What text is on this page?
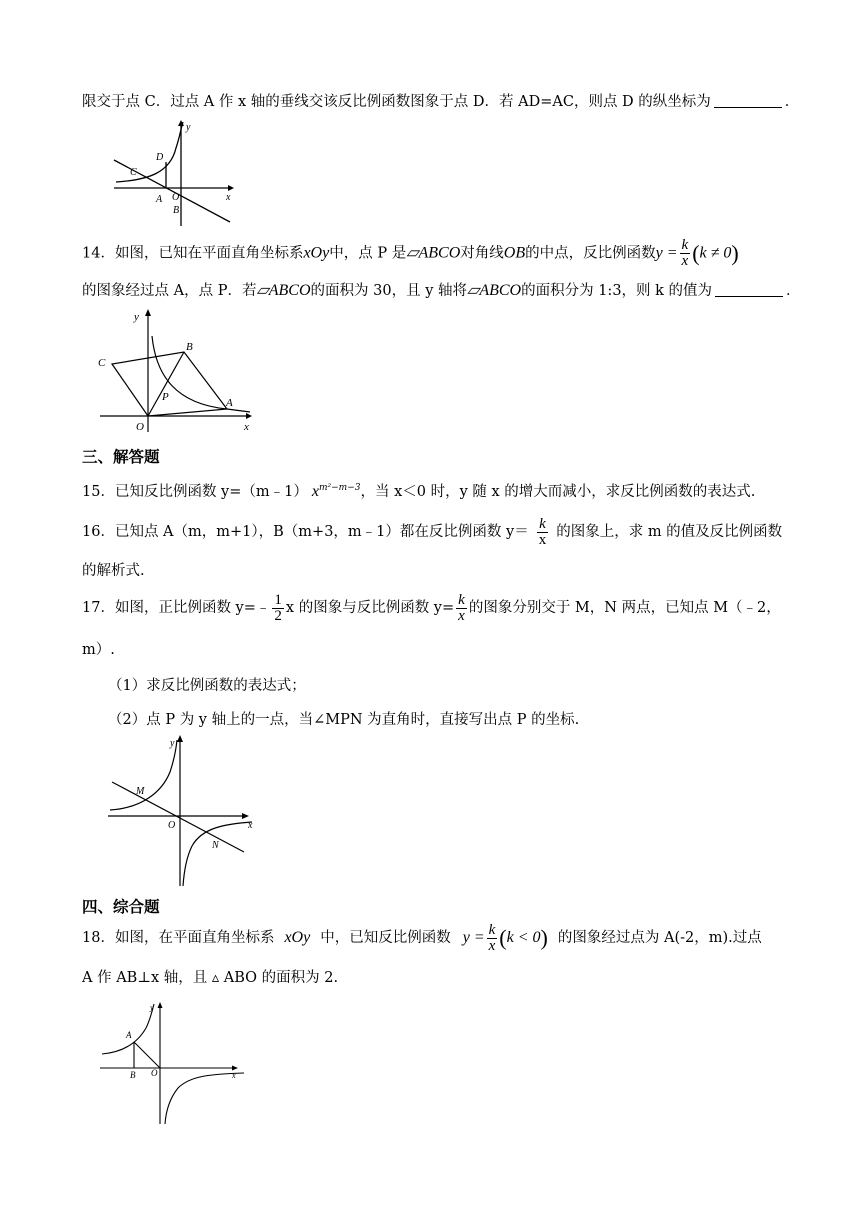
限交于点 C．过点 A 作 x 轴的垂线交该反比例函数图象于点 D．若 AD=AC，则点 D 的纵坐标为	．
y
x
D
C
A O
B
14．如图，已知在平面直角坐标系xOy中，点 P 是▱ABCO对角线OB的中点，反比例函数$y = \frac{k}{x} (k \ne 0)$
的图象经过点 A，点 P．若▱ABCO的面积为 30，且 y 轴将▱ABCO的面积分为 1:3，则 k 的值为	．
y
x
C
B
P	A
O
三、解答题
15．已知反比例函数 y=（m﹣1） $x^{m^2-m-3}$，当 x＜0 时，y 随 x 的增大而减小，求反比例函数的表达式.
16．已知点 A（m，m+1），B（m+3，m﹣1）都在反比例函数 $y= \frac{k}{x}$ 的图象上，求 m 的值及反比例函数
的解析式.
17．如图，正比例函数 y=﹣ $\frac{1}{2}$ x 的图象与反比例函数 $y= \frac{k}{x}$ 的图象分别交于 M，N 两点，已知点 M（﹣2，
m）.
（1）求反比例函数的表达式；
（2）点 P 为 y 轴上的一点，当∠MPN 为直角时，直接写出点 P 的坐标.
y
x
M
O
N
四、综合题
18．如图，在平面直角坐标系 xOy 中，已知反比例函数 $y = \frac{k}{x} (k < 0)$ 的图象经过点为 A(-2，m).过点
A 作 AB⊥x 轴，且 ▵ ABO 的面积为 2.
y
x
A
B O
